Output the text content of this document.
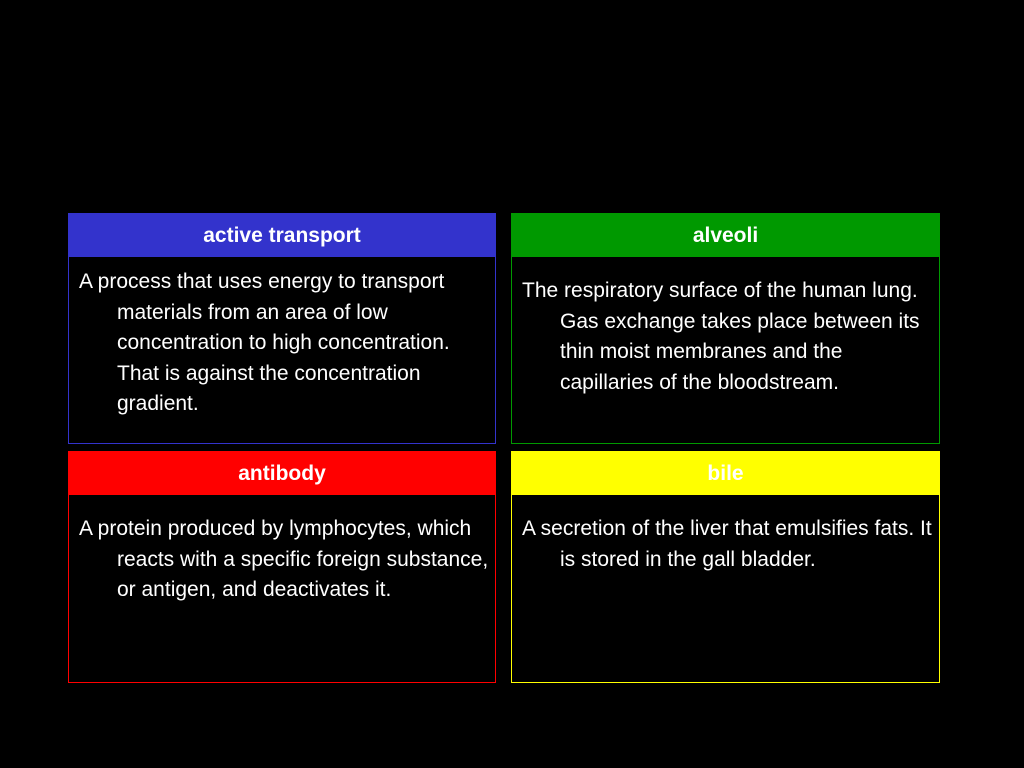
active transport
A process that uses energy to transport materials from an area of low concentration to high concentration. That is against the concentration gradient.
alveoli
The respiratory surface of the human lung. Gas exchange takes place between its thin moist membranes and the capillaries of the bloodstream.
antibody
A protein produced by lymphocytes, which reacts with a specific foreign substance, or antigen, and deactivates it.
bile
A secretion of the liver that emulsifies fats. It is stored in the gall bladder.
